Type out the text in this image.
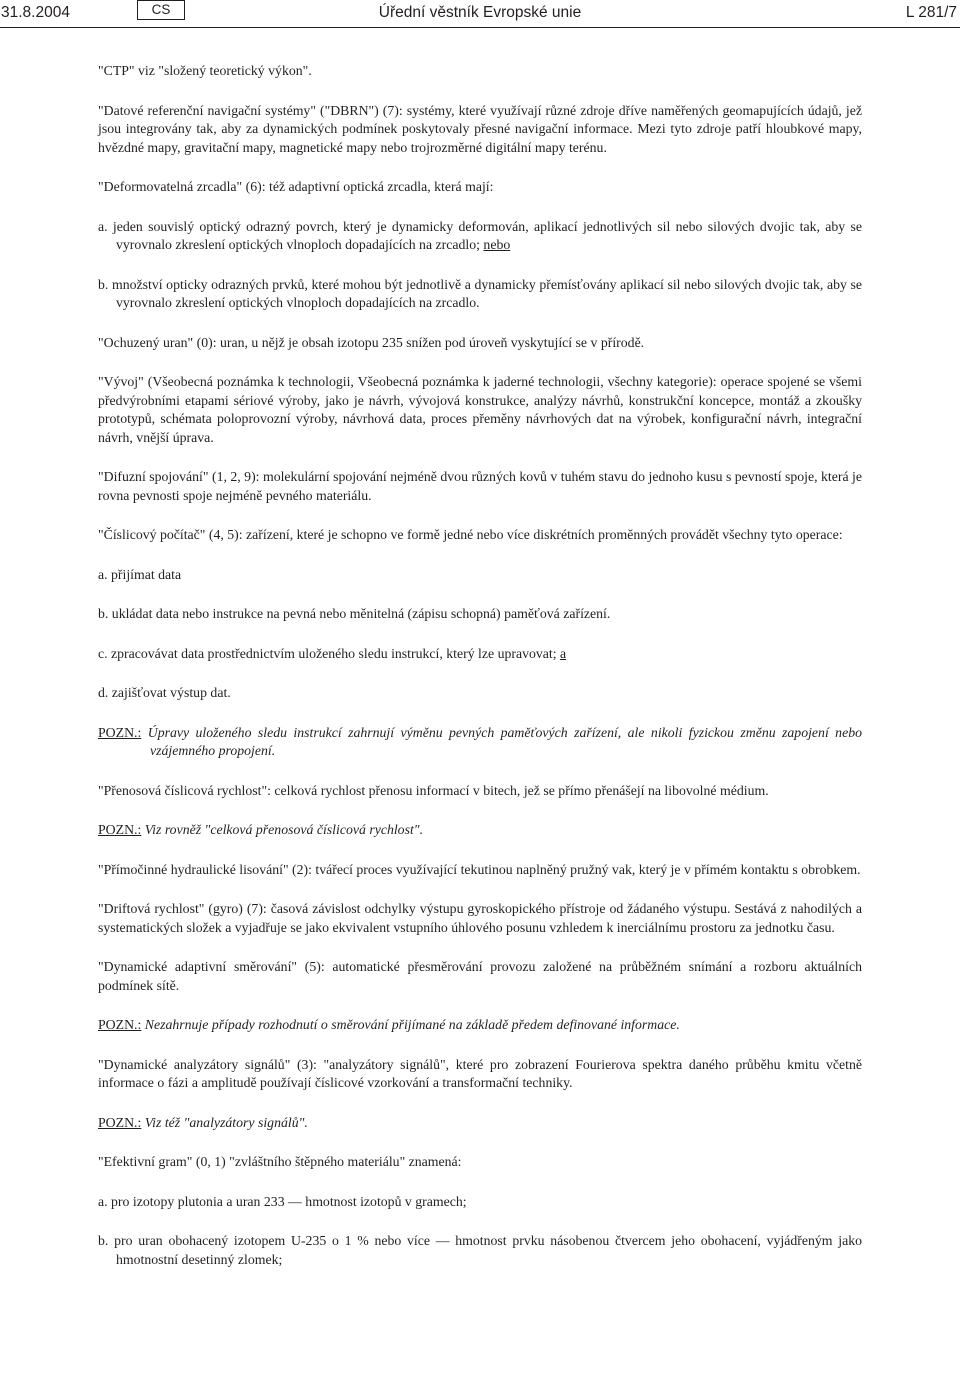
31.8.2004	CS	Úřední věstník Evropské unie	L 281/7

"CTP" viz "složený teoretický výkon".

"Datové referenční navigační systémy" ("DBRN") (7): systémy, které využívají různé zdroje dříve naměřených geomapujících údajů, jež jsou integrovány tak, aby za dynamických podmínek poskytovaly přesné navigační informace. Mezi tyto zdroje patří hloubkové mapy, hvězdné mapy, gravitační mapy, magnetické mapy nebo trojrozměrné digitální mapy terénu.

"Deformovatelná zrcadla" (6): též adaptivní optická zrcadla, která mají:

a. jeden souvislý optický odrazný povrch, který je dynamicky deformován, aplikací jednotlivých sil nebo silových dvojic tak, aby se vyrovnalo zkreslení optických vlnoploch dopadajících na zrcadlo; nebo

b. množství opticky odrazných prvků, které mohou být jednotlivě a dynamicky přemísťovány aplikací sil nebo silových dvojic tak, aby se vyrovnalo zkreslení optických vlnoploch dopadajících na zrcadlo.

"Ochuzený uran" (0): uran, u nějž je obsah izotopu 235 snížen pod úroveň vyskytující se v přírodě.

"Vývoj" (Všeobecná poznámka k technologii, Všeobecná poznámka k jaderné technologii, všechny kategorie): operace spojené se všemi předvýrobními etapami sériové výroby, jako je návrh, vývojová konstrukce, analýzy návrhů, konstrukční koncepce, montáž a zkoušky prototypů, schémata poloprovozní výroby, návrhová data, proces přeměny návrhových dat na výrobek, konfigurační návrh, integrační návrh, vnější úprava.

"Difuzní spojování" (1, 2, 9): molekulární spojování nejméně dvou různých kovů v tuhém stavu do jednoho kusu s pevností spoje, která je rovna pevnosti spoje nejméně pevného materiálu.

"Číslicový počítač" (4, 5): zařízení, které je schopno ve formě jedné nebo více diskrétních proměnných provádět všechny tyto operace:

a. přijímat data

b. ukládat data nebo instrukce na pevná nebo měnitelná (zápisu schopná) paměťová zařízení.

c. zpracovávat data prostřednictvím uloženého sledu instrukcí, který lze upravovat; a

d. zajišťovat výstup dat.

POZN.: Úpravy uloženého sledu instrukcí zahrnují výměnu pevných paměťových zařízení, ale nikoli fyzickou změnu zapojení nebo vzájemného propojení.

"Přenosová číslicová rychlost": celková rychlost přenosu informací v bitech, jež se přímo přenášejí na libovolné médium.

POZN.: Viz rovněž "celková přenosová číslicová rychlost".

"Přímočinné hydraulické lisování" (2): tvářecí proces využívající tekutinou naplněný pružný vak, který je v přímém kontaktu s obrobkem.

"Driftová rychlost" (gyro) (7): časová závislost odchylky výstupu gyroskopického přístroje od žádaného výstupu. Sestává z nahodilých a systematických složek a vyjadřuje se jako ekvivalent vstupního úhlového posunu vzhledem k inerciálnímu prostoru za jednotku času.

"Dynamické adaptivní směrování" (5): automatické přesměrování provozu založené na průběžném snímání a rozboru aktuálních podmínek sítě.

POZN.: Nezahrnuje případy rozhodnutí o směrování přijímané na základě předem definované informace.

"Dynamické analyzátory signálů" (3): "analyzátory signálů", které pro zobrazení Fourierova spektra daného průběhu kmitu včetně informace o fázi a amplitudě používají číslicové vzorkování a transformační techniky.

POZN.: Viz též "analyzátory signálů".

"Efektivní gram" (0, 1) "zvláštního štěpného materiálu" znamená:

a. pro izotopy plutonia a uran 233 — hmotnost izotopů v gramech;

b. pro uran obohacený izotopem U-235 o 1 % nebo více — hmotnost prvku násobenou čtvercem jeho obohacení, vyjádřeným jako hmotnostní desetinný zlomek;
